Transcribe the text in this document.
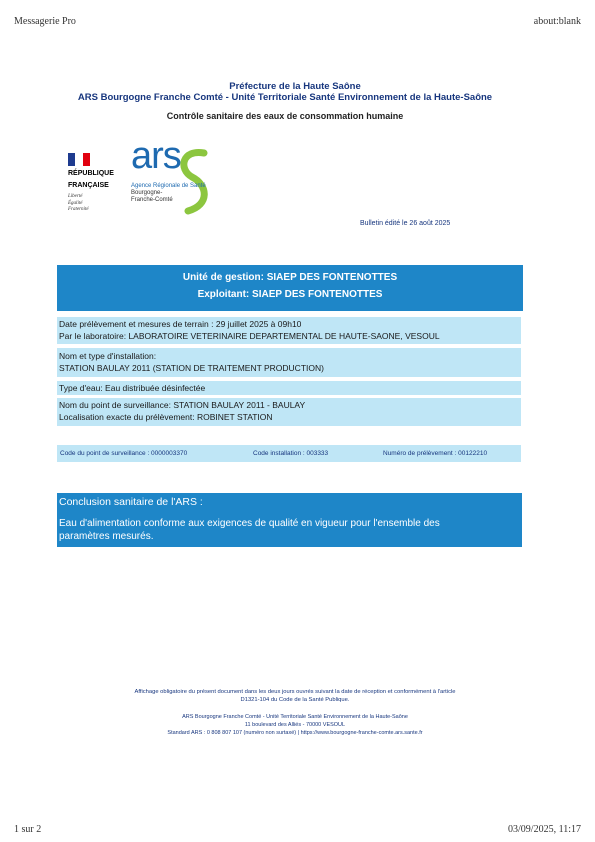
Messagerie Pro	about:blank
1 sur 2	03/09/2025, 11:17
Préfecture de la Haute Saône
ARS Bourgogne Franche Comté - Unité Territoriale Santé Environnement de la Haute-Saône
Contrôle sanitaire des eaux de consommation humaine
RÉPUBLIQUE
FRANÇAISE
Liberté
Égalité
Fraternité
ars
Agence Régionale de Santé
Bourgogne-
Franche-Comté
Bulletin édité le 26 août 2025
Unité de gestion: SIAEP DES FONTENOTTES
Exploitant: SIAEP DES FONTENOTTES
Date prélèvement et mesures de terrain : 29 juillet 2025 à 09h10
Par le laboratoire: LABORATOIRE VETERINAIRE DEPARTEMENTAL DE HAUTE-SAONE, VESOUL
Nom et type d'installation:
STATION BAULAY 2011 (STATION DE TRAITEMENT PRODUCTION)
Type d'eau: Eau distribuée désinfectée
Nom du point de surveillance: STATION BAULAY 2011 - BAULAY
Localisation exacte du prélèvement: ROBINET STATION
Code du point de surveillance : 0000003370	Code installation : 003333	Numéro de prélèvement : 00122210
Conclusion sanitaire de l'ARS :
Eau d'alimentation conforme aux exigences de qualité en vigueur pour l'ensemble des
paramètres mesurés.
Affichage obligatoire du présent document dans les deux jours ouvrés suivant la date de réception et conformément à l'article
D1321-104 du Code de la Santé Publique.
ARS Bourgogne Franche Comté - Unité Territoriale Santé Environnement de la Haute-Saône
11 boulevard des Alliés - 70000 VESOUL
Standard ARS : 0 808 807 107 (numéro non surtaxé) | https://www.bourgogne-franche-comte.ars.sante.fr
